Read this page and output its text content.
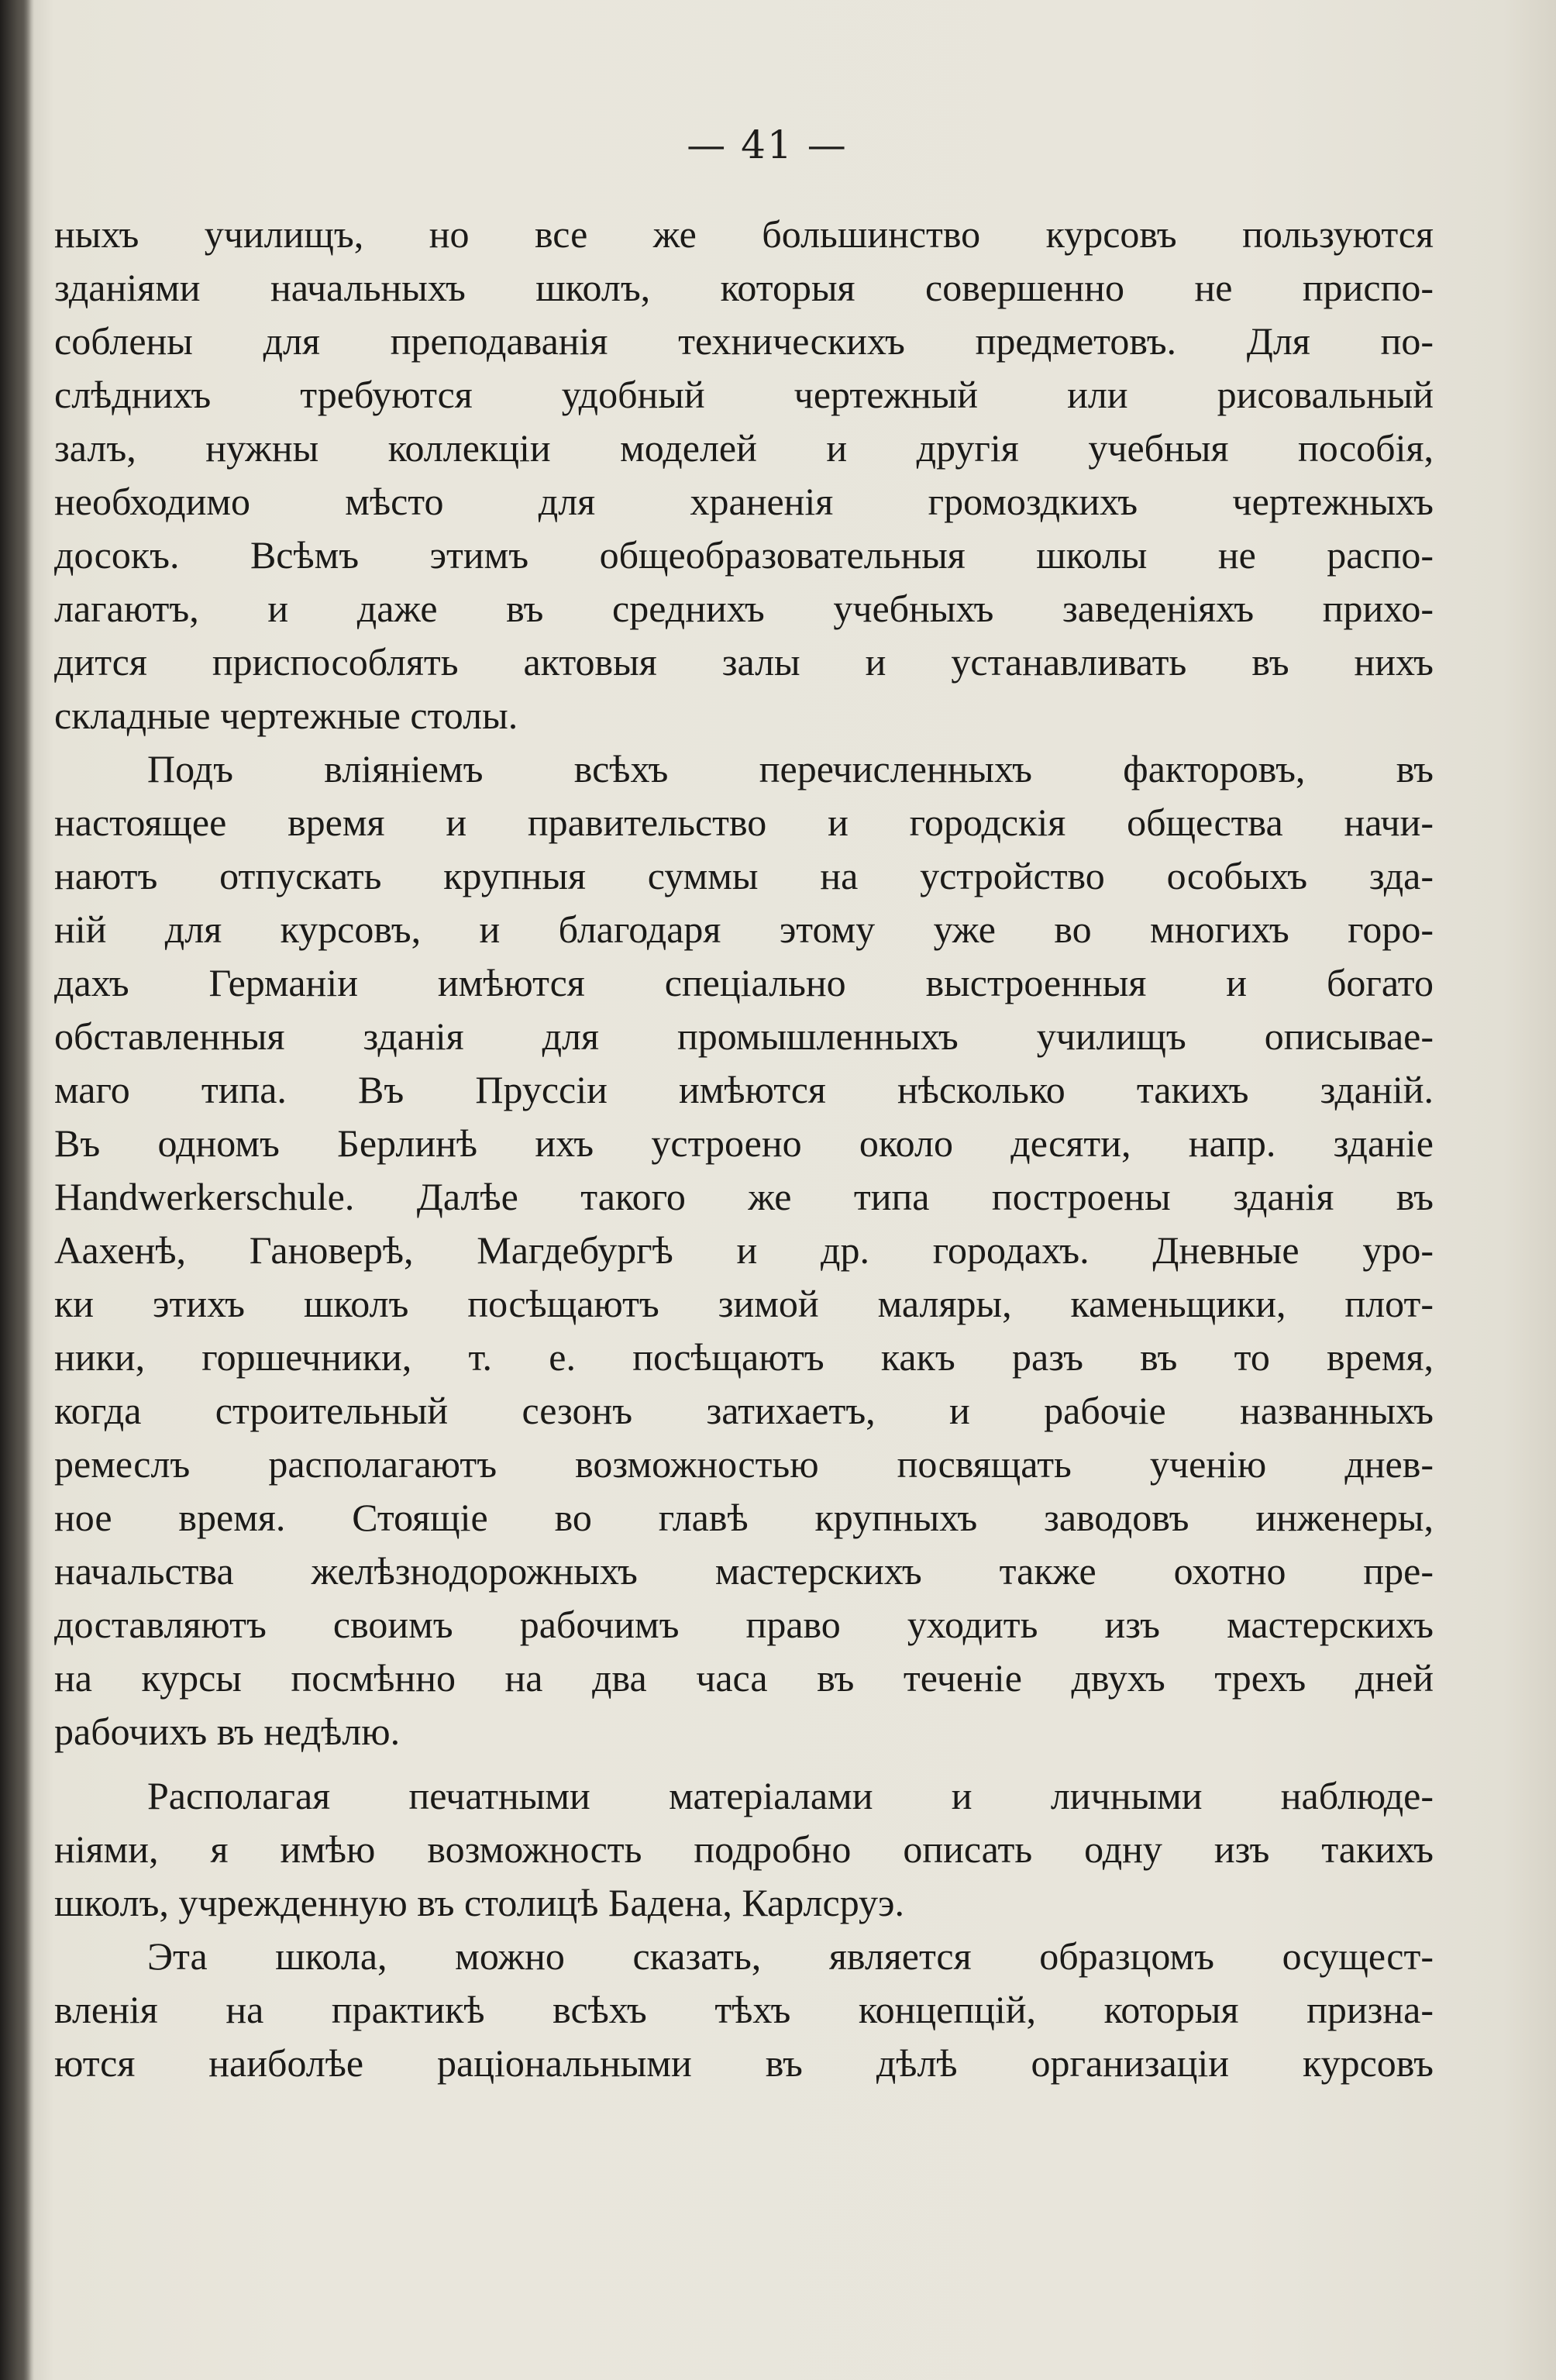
— 41 —
ныхъ училищъ, но все же большинство курсовъ пользуются
зданіями начальныхъ школъ, которыя совершенно не приспо-
соблены для преподаванія техническихъ предметовъ. Для по-
слѣднихъ требуются удобный чертежный или рисовальный
залъ, нужны коллекціи моделей и другія учебныя пособія,
необходимо мѣсто для храненія громоздкихъ чертежныхъ
досокъ. Всѣмъ этимъ общеобразовательныя школы не распо-
лагаютъ, и даже въ среднихъ учебныхъ заведеніяхъ прихо-
дится приспособлять актовыя залы и устанавливать въ нихъ
складные чертежные столы.
Подъ вліяніемъ всѣхъ перечисленныхъ факторовъ, въ
настоящее время и правительство и городскія общества начи-
наютъ отпускать крупныя суммы на устройство особыхъ зда-
ній для курсовъ, и благодаря этому уже во многихъ горо-
дахъ Германіи имѣются спеціально выстроенныя и богато
обставленныя зданія для промышленныхъ училищъ описывае-
маго типа. Въ Пруссіи имѣются нѣсколько такихъ зданій.
Въ одномъ Берлинѣ ихъ устроено около десяти, напр. зданіе
Handwerkerschule. Далѣе такого же типа построены зданія въ
Аахенѣ, Гановерѣ, Магдебургѣ и др. городахъ. Дневные уро-
ки этихъ школъ посѣщаютъ зимой маляры, каменьщики, плот-
ники, горшечники, т. е. посѣщаютъ какъ разъ въ то время,
когда строительный сезонъ затихаетъ, и рабочіе названныхъ
ремеслъ располагаютъ возможностью посвящать ученію днев-
ное время. Стоящіе во главѣ крупныхъ заводовъ инженеры,
начальства желѣзнодорожныхъ мастерскихъ также охотно пре-
доставляютъ своимъ рабочимъ право уходить изъ мастерскихъ
на курсы посмѣнно на два часа въ теченіе двухъ трехъ дней
рабочихъ въ недѣлю.
Располагая печатными матеріалами и личными наблюде-
ніями, я имѣю возможность подробно описать одну изъ такихъ
школъ, учрежденную въ столицѣ Бадена, Карлсруэ.
Эта школа, можно сказать, является образцомъ осущест-
вленія на практикѣ всѣхъ тѣхъ концепцій, которыя призна-
ются наиболѣе раціональными въ дѣлѣ организаціи курсовъ
